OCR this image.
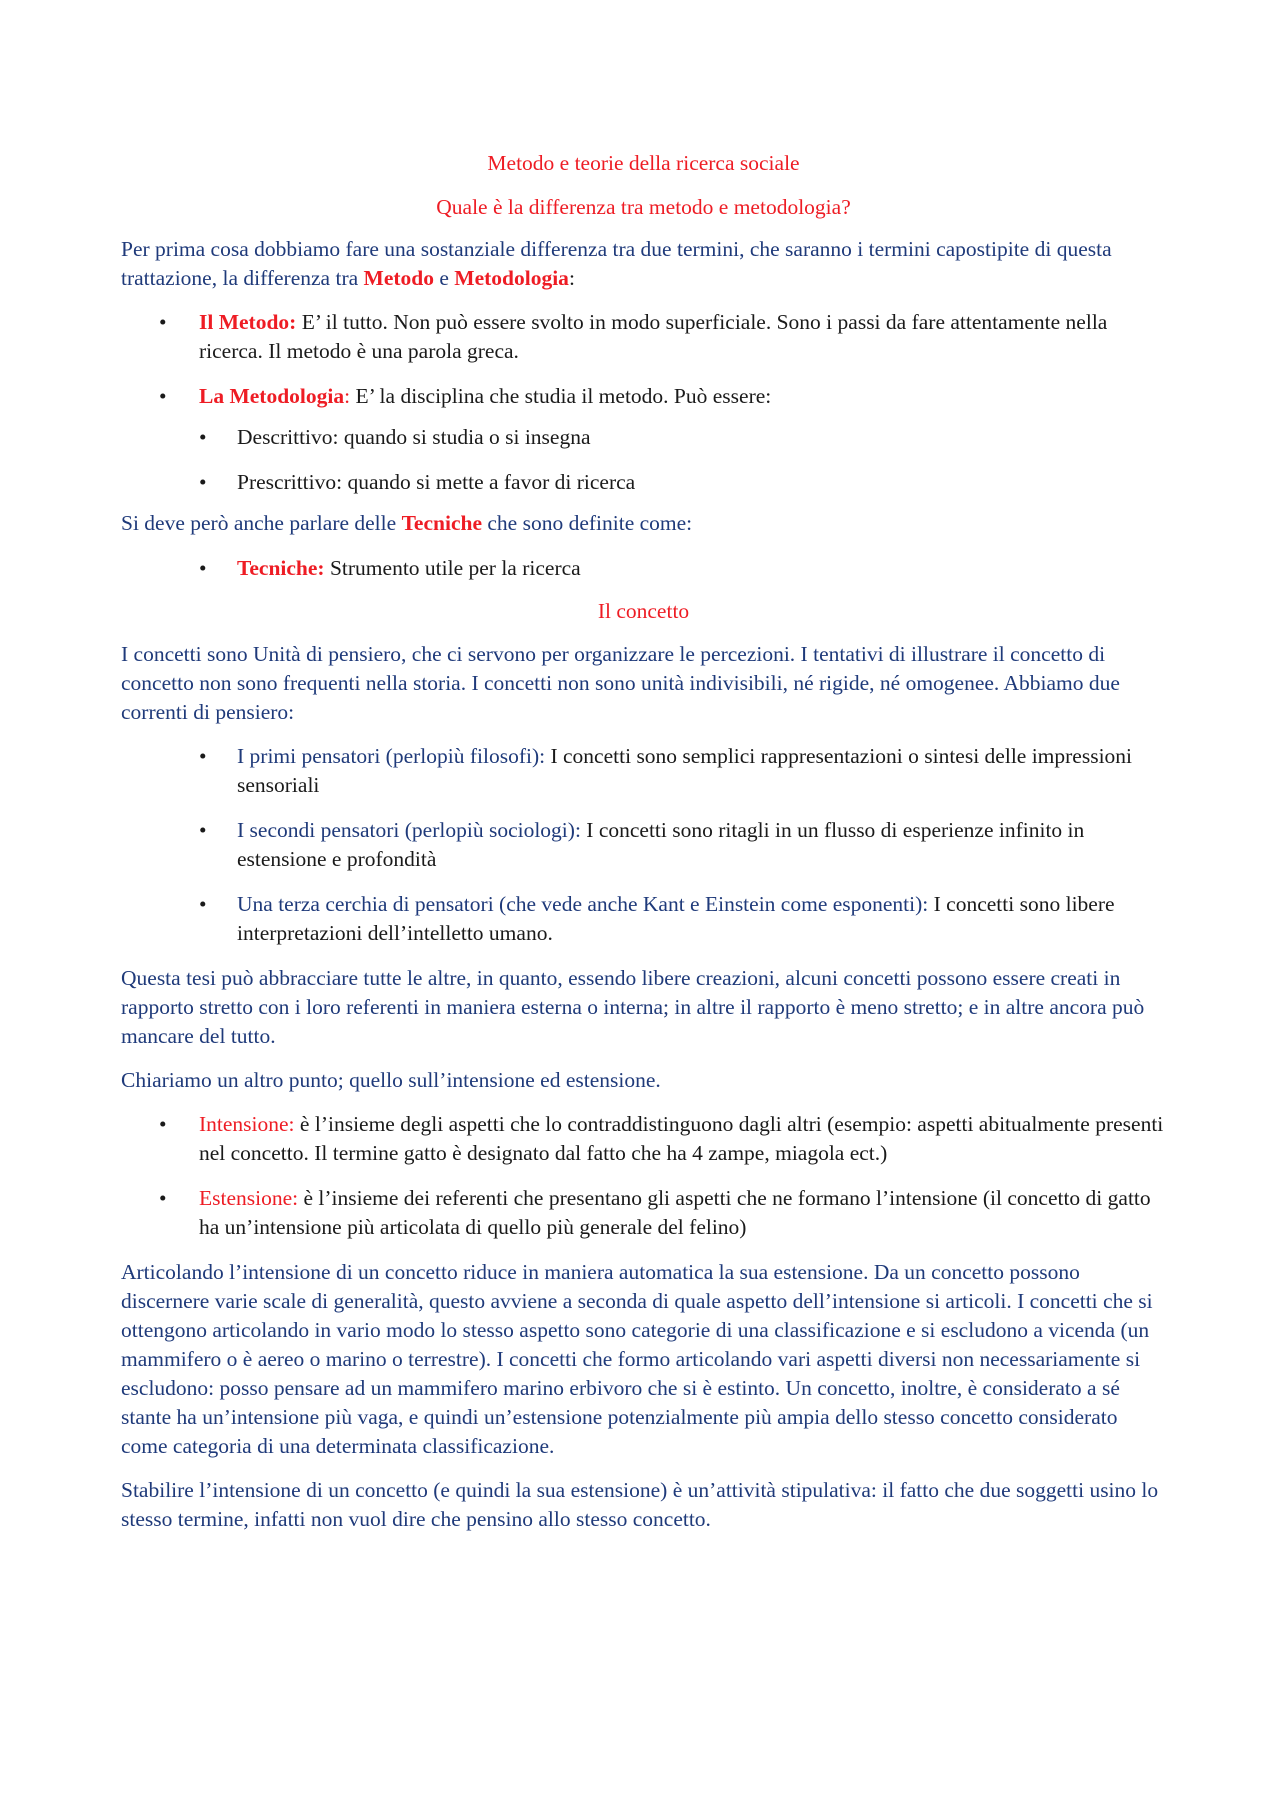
Metodo e teorie della ricerca sociale

Quale è la differenza tra metodo e metodologia?

Per prima cosa dobbiamo fare una sostanziale differenza tra due termini, che saranno i termini capostipite di questa trattazione, la differenza tra Metodo e Metodologia:

• Il Metodo: E’ il tutto. Non può essere svolto in modo superficiale. Sono i passi da fare attentamente nella ricerca. Il metodo è una parola greca.
• La Metodologia: E’ la disciplina che studia il metodo. Può essere:
• Descrittivo: quando si studia o si insegna
• Prescrittivo: quando si mette a favor di ricerca

Si deve però anche parlare delle Tecniche che sono definite come:

• Tecniche: Strumento utile per la ricerca

Il concetto

I concetti sono Unità di pensiero, che ci servono per organizzare le percezioni. I tentativi di illustrare il concetto di concetto non sono frequenti nella storia. I concetti non sono unità indivisibili, né rigide, né omogenee. Abbiamo due correnti di pensiero:

• I primi pensatori (perlopiù filosofi): I concetti sono semplici rappresentazioni o sintesi delle impressioni sensoriali
• I secondi pensatori (perlopiù sociologi): I concetti sono ritagli in un flusso di esperienze infinito in estensione e profondità
• Una terza cerchia di pensatori (che vede anche Kant e Einstein come esponenti): I concetti sono libere interpretazioni dell’intelletto umano.

Questa tesi può abbracciare tutte le altre, in quanto, essendo libere creazioni, alcuni concetti possono essere creati in rapporto stretto con i loro referenti in maniera esterna o interna; in altre il rapporto è meno stretto; e in altre ancora può mancare del tutto.

Chiariamo un altro punto; quello sull’intensione ed estensione.

• Intensione: è l’insieme degli aspetti che lo contraddistinguono dagli altri (esempio: aspetti abitualmente presenti nel concetto. Il termine gatto è designato dal fatto che ha 4 zampe, miagola ect.)
• Estensione: è l’insieme dei referenti che presentano gli aspetti che ne formano l’intensione (il concetto di gatto ha un’intensione più articolata di quello più generale del felino)

Articolando l’intensione di un concetto riduce in maniera automatica la sua estensione. Da un concetto possono discernere varie scale di generalità, questo avviene a seconda di quale aspetto dell’intensione si articoli. I concetti che si ottengono articolando in vario modo lo stesso aspetto sono categorie di una classificazione e si escludono a vicenda (un mammifero o è aereo o marino o terrestre). I concetti che formo articolando vari aspetti diversi non necessariamente si escludono: posso pensare ad un mammifero marino erbivoro che si è estinto. Un concetto, inoltre, è considerato a sé stante ha un’intensione più vaga, e quindi un’estensione potenzialmente più ampia dello stesso concetto considerato come categoria di una determinata classificazione.

Stabilire l’intensione di un concetto (e quindi la sua estensione) è un’attività stipulativa: il fatto che due soggetti usino lo stesso termine, infatti non vuol dire che pensino allo stesso concetto.
